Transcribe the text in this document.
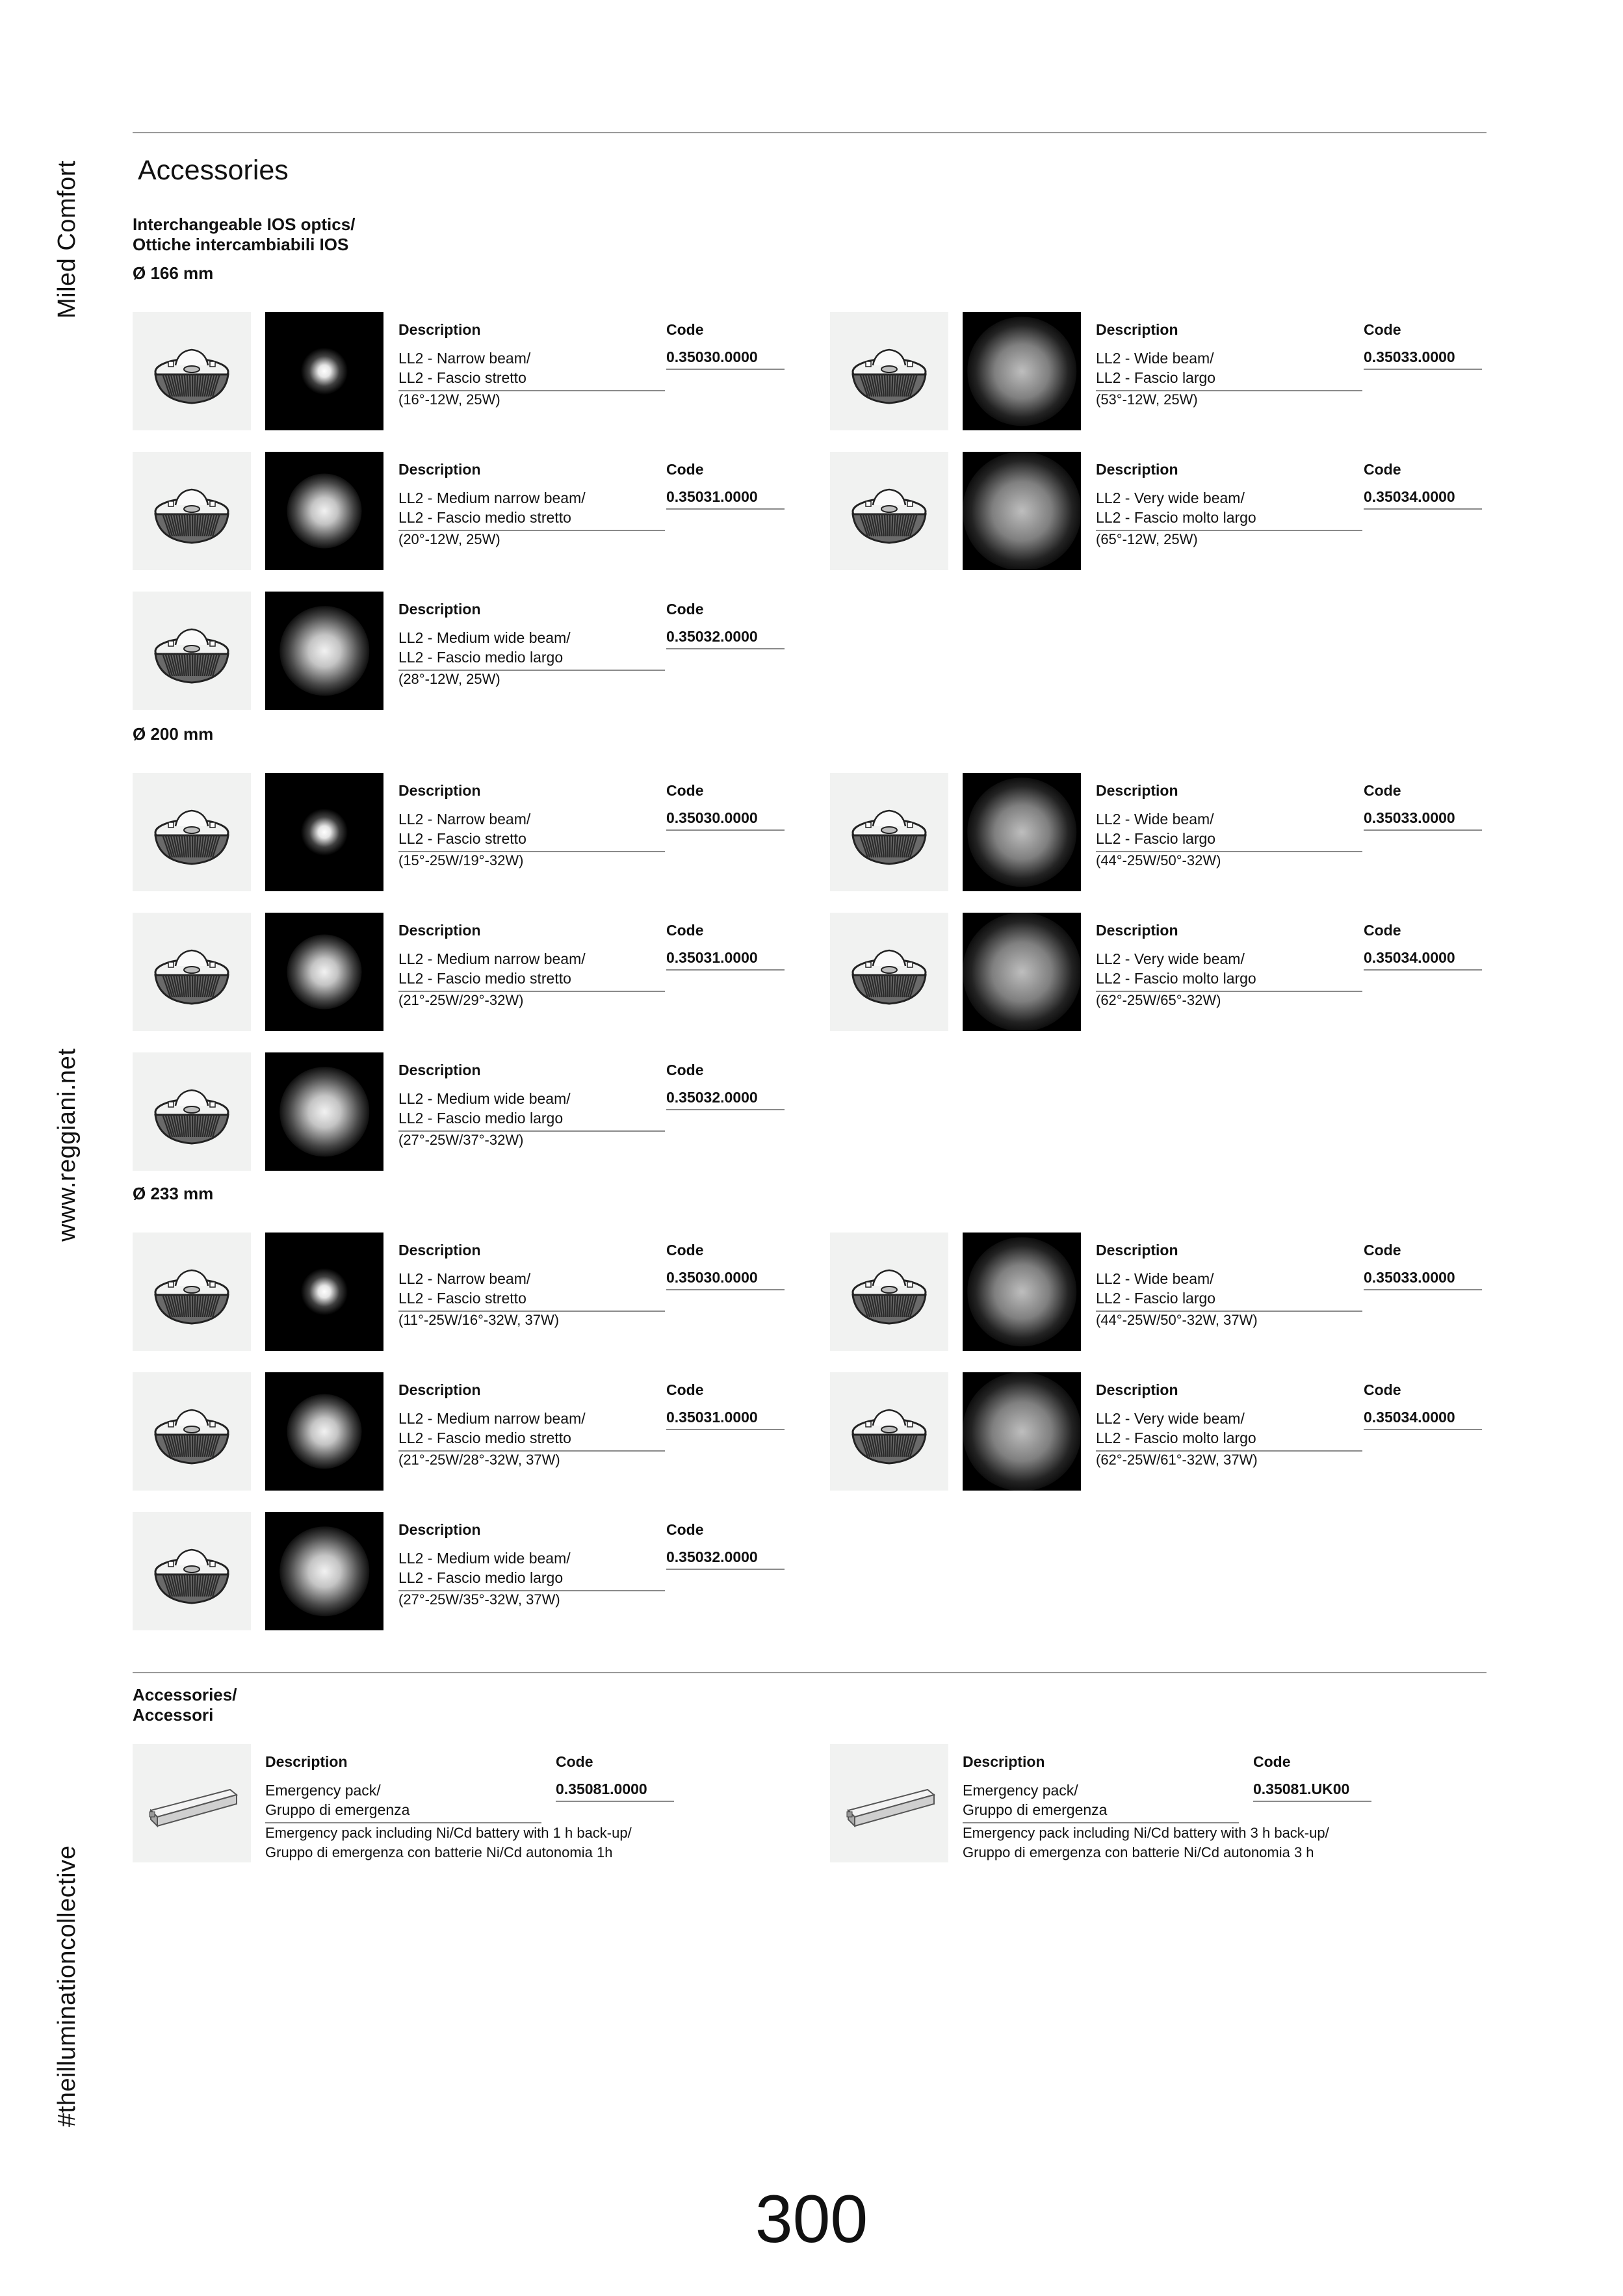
Miled Comfort
www.reggiani.net
#theilluminationcollective
Accessories
Interchangeable IOS optics/
Ottiche intercambiabili IOS
Ø 166 mm
Description	Code
LL2 - Narrow beam/
LL2 - Fascio stretto
(16°-12W, 25W)
0.35030.0000
Description	Code
LL2 - Wide beam/
LL2 - Fascio largo
(53°-12W, 25W)
0.35033.0000
Description	Code
LL2 - Medium narrow beam/
LL2 - Fascio medio stretto
(20°-12W, 25W)
0.35031.0000
Description	Code
LL2 - Very wide beam/
LL2 - Fascio molto largo
(65°-12W, 25W)
0.35034.0000
Description	Code
LL2 - Medium wide beam/
LL2 - Fascio medio largo
(28°-12W, 25W)
0.35032.0000
Ø 200 mm
Description	Code
LL2 - Narrow beam/
LL2 - Fascio stretto
(15°-25W/19°-32W)
0.35030.0000
Description	Code
LL2 - Wide beam/
LL2 - Fascio largo
(44°-25W/50°-32W)
0.35033.0000
Description	Code
LL2 - Medium narrow beam/
LL2 - Fascio medio stretto
(21°-25W/29°-32W)
0.35031.0000
Description	Code
LL2 - Very wide beam/
LL2 - Fascio molto largo
(62°-25W/65°-32W)
0.35034.0000
Description	Code
LL2 - Medium wide beam/
LL2 - Fascio medio largo
(27°-25W/37°-32W)
0.35032.0000
Ø 233 mm
Description	Code
LL2 - Narrow beam/
LL2 - Fascio stretto
(11°-25W/16°-32W, 37W)
0.35030.0000
Description	Code
LL2 - Wide beam/
LL2 - Fascio largo
(44°-25W/50°-32W, 37W)
0.35033.0000
Description	Code
LL2 - Medium narrow beam/
LL2 - Fascio medio stretto
(21°-25W/28°-32W, 37W)
0.35031.0000
Description	Code
LL2 - Very wide beam/
LL2 - Fascio molto largo
(62°-25W/61°-32W, 37W)
0.35034.0000
Description	Code
LL2 - Medium wide beam/
LL2 - Fascio medio largo
(27°-25W/35°-32W, 37W)
0.35032.0000
Accessories/
Accessori
Description	Code
Emergency pack/
Gruppo di emergenza
0.35081.0000
Emergency pack including Ni/Cd battery with 1 h back-up/
Gruppo di emergenza con batterie Ni/Cd autonomia 1h
Description	Code
Emergency pack/
Gruppo di emergenza
0.35081.UK00
Emergency pack including Ni/Cd battery with 3 h back-up/
Gruppo di emergenza con batterie Ni/Cd autonomia 3 h
300
